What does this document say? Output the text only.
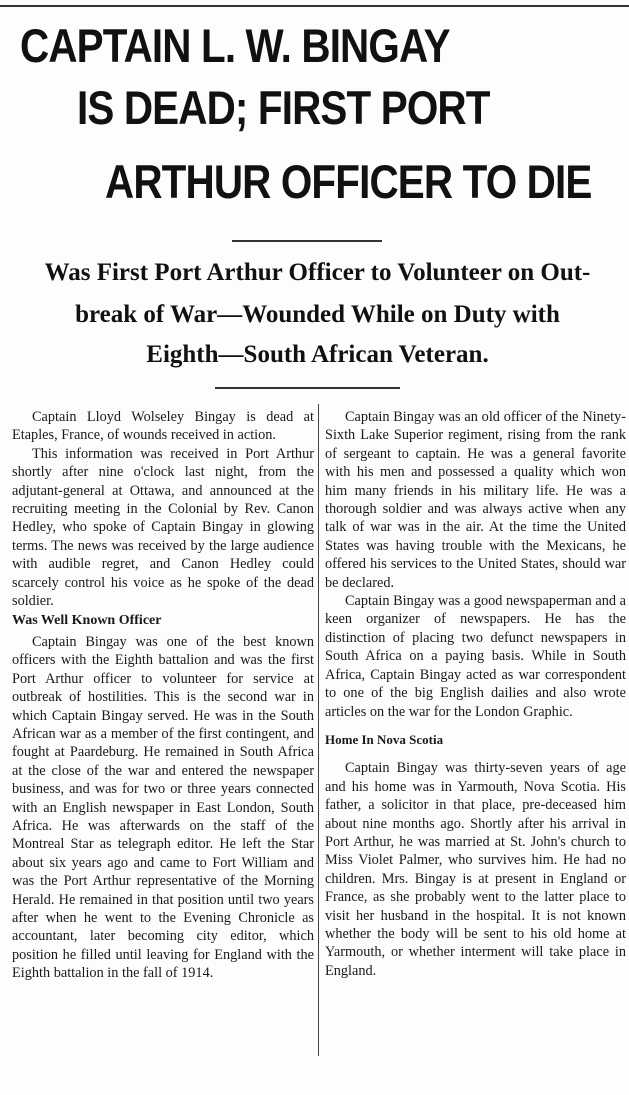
CAPTAIN L. W. BINGAY
IS DEAD; FIRST PORT
ARTHUR OFFICER TO DIE
Was First Port Arthur Officer to Volunteer on Out-
break of War—Wounded While on Duty with
Eighth—South African Veteran.

Captain Lloyd Wolseley Bingay is dead at Etaples, France, of wounds received in action.

This information was received in Port Arthur shortly after nine o'clock last night, from the adjutant-general at Ottawa, and announced at the recruiting meeting in the Colonial by Rev. Canon Hedley, who spoke of Captain Bingay in glowing terms. The news was received by the large audience with audible regret, and Canon Hedley could scarcely control his voice as he spoke of the dead soldier.

Was Well Known Officer

Captain Bingay was one of the best known officers with the Eighth battalion and was the first Port Arthur officer to volunteer for service at outbreak of hostilities. This is the second war in which Captain Bingay served. He was in the South African war as a member of the first contingent, and fought at Paardeburg. He remained in South Africa at the close of the war and entered the newspaper business, and was for two or three years connected with an English newspaper in East London, South Africa. He was afterwards on the staff of the Montreal Star as telegraph editor. He left the Star about six years ago and came to Fort William and was the Port Arthur representative of the Morning Herald. He remained in that position until two years after when he went to the Evening Chronicle as accountant, later becoming city editor, which position he filled until leaving for England with the Eighth battalion in the fall of 1914.

Captain Bingay was an old officer of the Ninety-Sixth Lake Superior regiment, rising from the rank of sergeant to captain. He was a general favorite with his men and possessed a quality which won him many friends in his military life. He was a thorough soldier and was always active when any talk of war was in the air. At the time the United States was having trouble with the Mexicans, he offered his services to the United States, should war be declared.

Captain Bingay was a good newspaperman and a keen organizer of newspapers. He has the distinction of placing two defunct newspapers in South Africa on a paying basis. While in South Africa, Captain Bingay acted as war correspondent to one of the big English dailies and also wrote articles on the war for the London Graphic.

Home In Nova Scotia

Captain Bingay was thirty-seven years of age and his home was in Yarmouth, Nova Scotia. His father, a solicitor in that place, pre-deceased him about nine months ago. Shortly after his arrival in Port Arthur, he was married at St. John's church to Miss Violet Palmer, who survives him. He had no children. Mrs. Bingay is at present in England or France, as she probably went to the latter place to visit her husband in the hospital. It is not known whether the body will be sent to his old home at Yarmouth, or whether interment will take place in England.
